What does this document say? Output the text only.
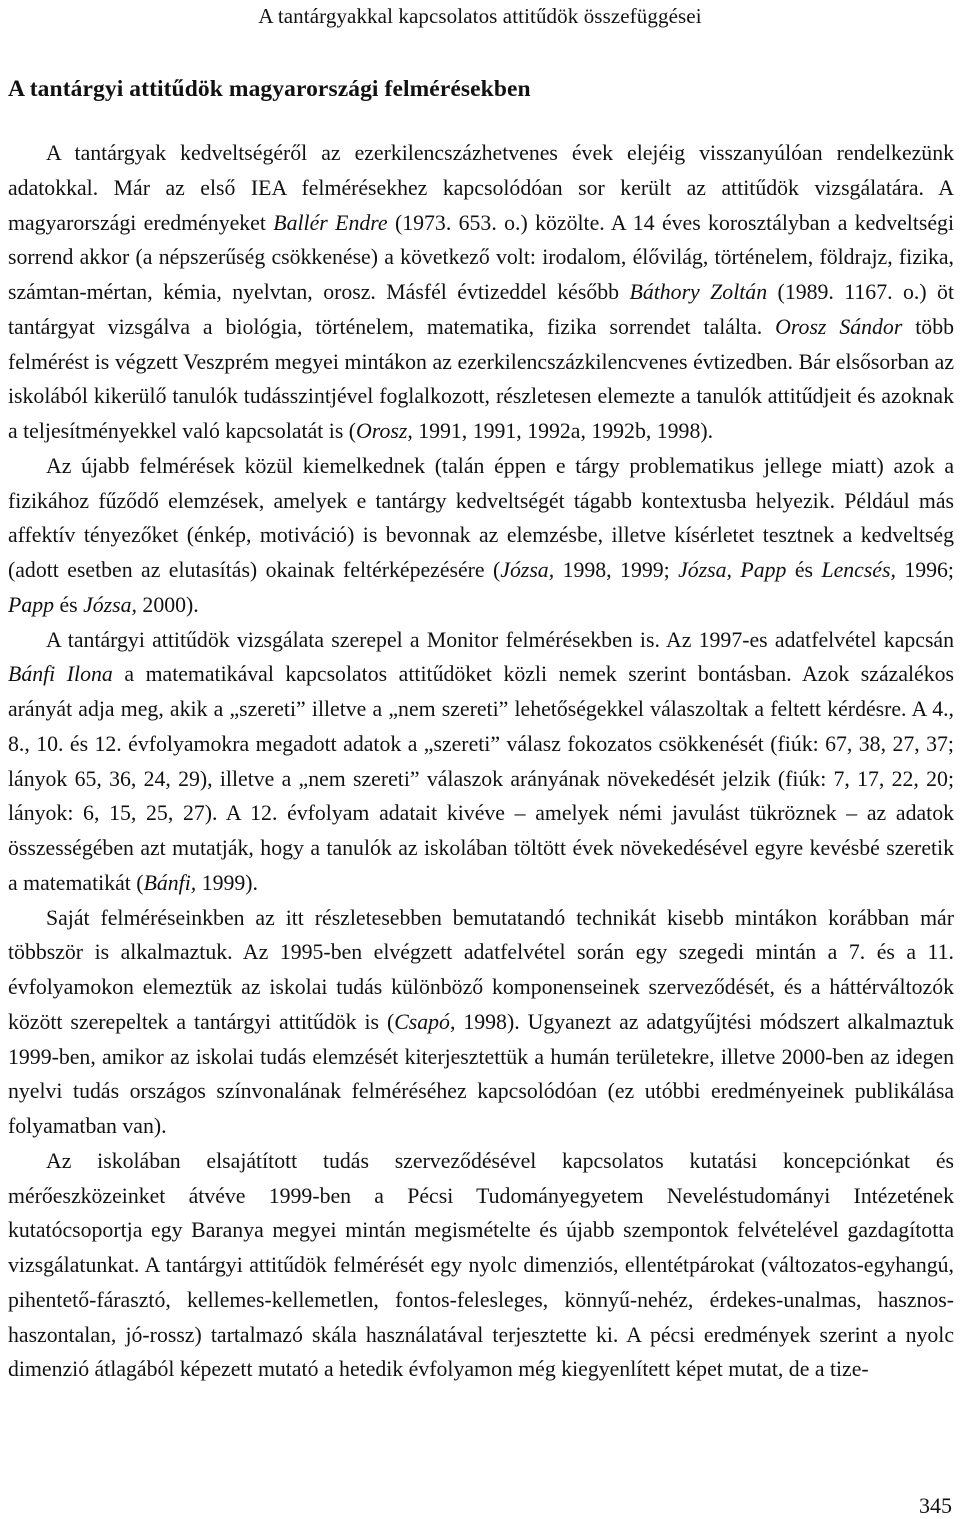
A tantárgyakkal kapcsolatos attitűdök összefüggései
A tantárgyi attitűdök magyarországi felmérésekben

A tantárgyak kedveltségéről az ezerkilencszázhetvenes évek elejéig visszanyúlóan rendelkezünk adatokkal. Már az első IEA felmérésekhez kapcsolódóan sor került az attitűdök vizsgálatára. A magyarországi eredményeket Ballér Endre (1973. 653. o.) közölte. A 14 éves korosztályban a kedveltségi sorrend akkor (a népszerűség csökkenése) a következő volt: irodalom, élővilág, történelem, földrajz, fizika, számtan-mértan, kémia, nyelvtan, orosz. Másfél évtizeddel később Báthory Zoltán (1989. 1167. o.) öt tantárgyat vizsgálva a biológia, történelem, matematika, fizika sorrendet találta. Orosz Sándor több felmérést is végzett Veszprém megyei mintákon az ezerkilencszázkilencvenes évtizedben. Bár elsősorban az iskolából kikerülő tanulók tudásszintjével foglalkozott, részletesen elemezte a tanulók attitűdjeit és azoknak a teljesítményekkel való kapcsolatát is (Orosz, 1991, 1991, 1992a, 1992b, 1998).

Az újabb felmérések közül kiemelkednek (talán éppen e tárgy problematikus jellege miatt) azok a fizikához fűződő elemzések, amelyek e tantárgy kedveltségét tágabb kontextusba helyezik. Például más affektív tényezőket (énkép, motiváció) is bevonnak az elemzésbe, illetve kísérletet tesztnek a kedveltség (adott esetben az elutasítás) okainak feltérképezésére (Józsa, 1998, 1999; Józsa, Papp és Lencsés, 1996; Papp és Józsa, 2000).

A tantárgyi attitűdök vizsgálata szerepel a Monitor felmérésekben is. Az 1997-es adatfelvétel kapcsán Bánfi Ilona a matematikával kapcsolatos attitűdöket közli nemek szerint bontásban. Azok százalékos arányát adja meg, akik a „szereti” illetve a „nem szereti” lehetőségekkel válaszoltak a feltett kérdésre. A 4., 8., 10. és 12. évfolyamokra megadott adatok a „szereti” válasz fokozatos csökkenését (fiúk: 67, 38, 27, 37; lányok 65, 36, 24, 29), illetve a „nem szereti” válaszok arányának növekedését jelzik (fiúk: 7, 17, 22, 20; lányok: 6, 15, 25, 27). A 12. évfolyam adatait kivéve – amelyek némi javulást tükröznek – az adatok összességében azt mutatják, hogy a tanulók az iskolában töltött évek növekedésével egyre kevésbé szeretik a matematikát (Bánfi, 1999).

Saját felméréseinkben az itt részletesebben bemutatandó technikát kisebb mintákon korábban már többször is alkalmaztuk. Az 1995-ben elvégzett adatfelvétel során egy szegedi mintán a 7. és a 11. évfolyamokon elemeztük az iskolai tudás különböző komponenseinek szerveződését, és a háttérváltozók között szerepeltek a tantárgyi attitűdök is (Csapó, 1998). Ugyanezt az adatgyűjtési módszert alkalmaztuk 1999-ben, amikor az iskolai tudás elemzését kiterjesztettük a humán területekre, illetve 2000-ben az idegen nyelvi tudás országos színvonalának felméréséhez kapcsolódóan (ez utóbbi eredményeinek publikálása folyamatban van).

Az iskolában elsajátított tudás szerveződésével kapcsolatos kutatási koncepciónkat és mérőeszközeinket átvéve 1999-ben a Pécsi Tudományegyetem Neveléstudományi Intézetének kutatócsoportja egy Baranya megyei mintán megismételte és újabb szempontok felvételével gazdagította vizsgálatunkat. A tantárgyi attitűdök felmérését egy nyolc dimenziós, ellentétpárokat (változatos-egyhangú, pihentető-fárasztó, kellemes-kellemetlen, fontos-felesleges, könnyű-nehéz, érdekes-unalmas, hasznos-haszontalan, jó-rossz) tartalmazó skála használatával terjesztette ki. A pécsi eredmények szerint a nyolc dimenzió átlagából képezett mutató a hetedik évfolyamon még kiegyenlített képet mutat, de a tize-

345
